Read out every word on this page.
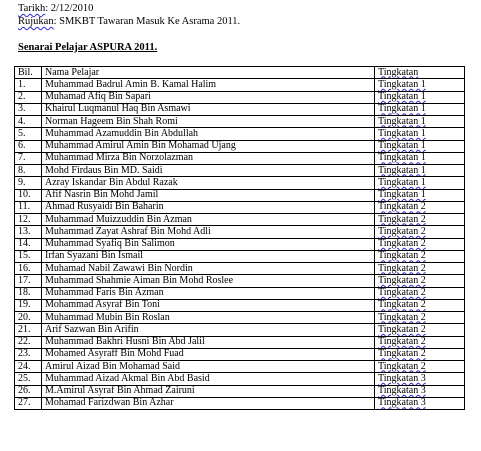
Tarikh: 2/12/2010
Rujukan: SMKBT Tawaran Masuk Ke Asrama 2011.
Senarai Pelajar ASPURA 2011.
Bil.	Nama Pelajar	Tingkatan
1.	Muhammad Badrul Amin B. Kamal Halim	Tingkatan 1
2.	Muhamad Afiq Bin Sapari	Tingkatan 1
3.	Khairul Luqmanul Haq Bin Asmawi	Tingkatan 1
4.	Norman Hageem Bin Shah Romi	Tingkatan 1
5.	Muhammad Azamuddin Bin Abdullah	Tingkatan 1
6.	Muhammad Amirul Amin Bin Mohamad Ujang	Tingkatan 1
7.	Muhammad Mirza Bin Norzolazman	Tingkatan 1
8.	Mohd Firdaus Bin MD. Saidi	Tingkatan 1
9.	Azray Iskandar Bin Abdul Razak	Tingkatan 1
10.	Afif Nasrin Bin Mohd Jamil	Tingkatan 1
11.	Ahmad Rusyaidi Bin Baharin	Tingkatan 2
12.	Muhammad Muizzuddin Bin Azman	Tingkatan 2
13.	Muhammad Zayat Ashraf Bin Mohd Adli	Tingkatan 2
14.	Muhammad Syafiq Bin Salimon	Tingkatan 2
15.	Irfan Syazani Bin Ismail	Tingkatan 2
16.	Muhamad Nabil Zawawi Bin Nordin	Tingkatan 2
17.	Muhammad Shahmie Aiman Bin Mohd Roslee	Tingkatan 2
18.	Muhammad Faris Bin Azman	Tingkatan 2
19.	Mohammad Asyraf Bin Toni	Tingkatan 2
20.	Muhammad Mubin Bin Roslan	Tingkatan 2
21.	Arif Sazwan Bin Arifin	Tingkatan 2
22.	Muhammad Bakhri Husni Bin Abd Jalil	Tingkatan 2
23.	Mohamed Asyraff Bin Mohd Fuad	Tingkatan 2
24.	Amirul Aizad Bin Mohamad Said	Tingkatan 2
25.	Muhammad Aizad Akmal Bin Abd Basid	Tingkatan 3
26.	M.Amirul Asyraf Bin Ahmad Zairuni	Tingkatan 3
27.	Mohamad Farizdwan Bin Azhar	Tingkatan 3
